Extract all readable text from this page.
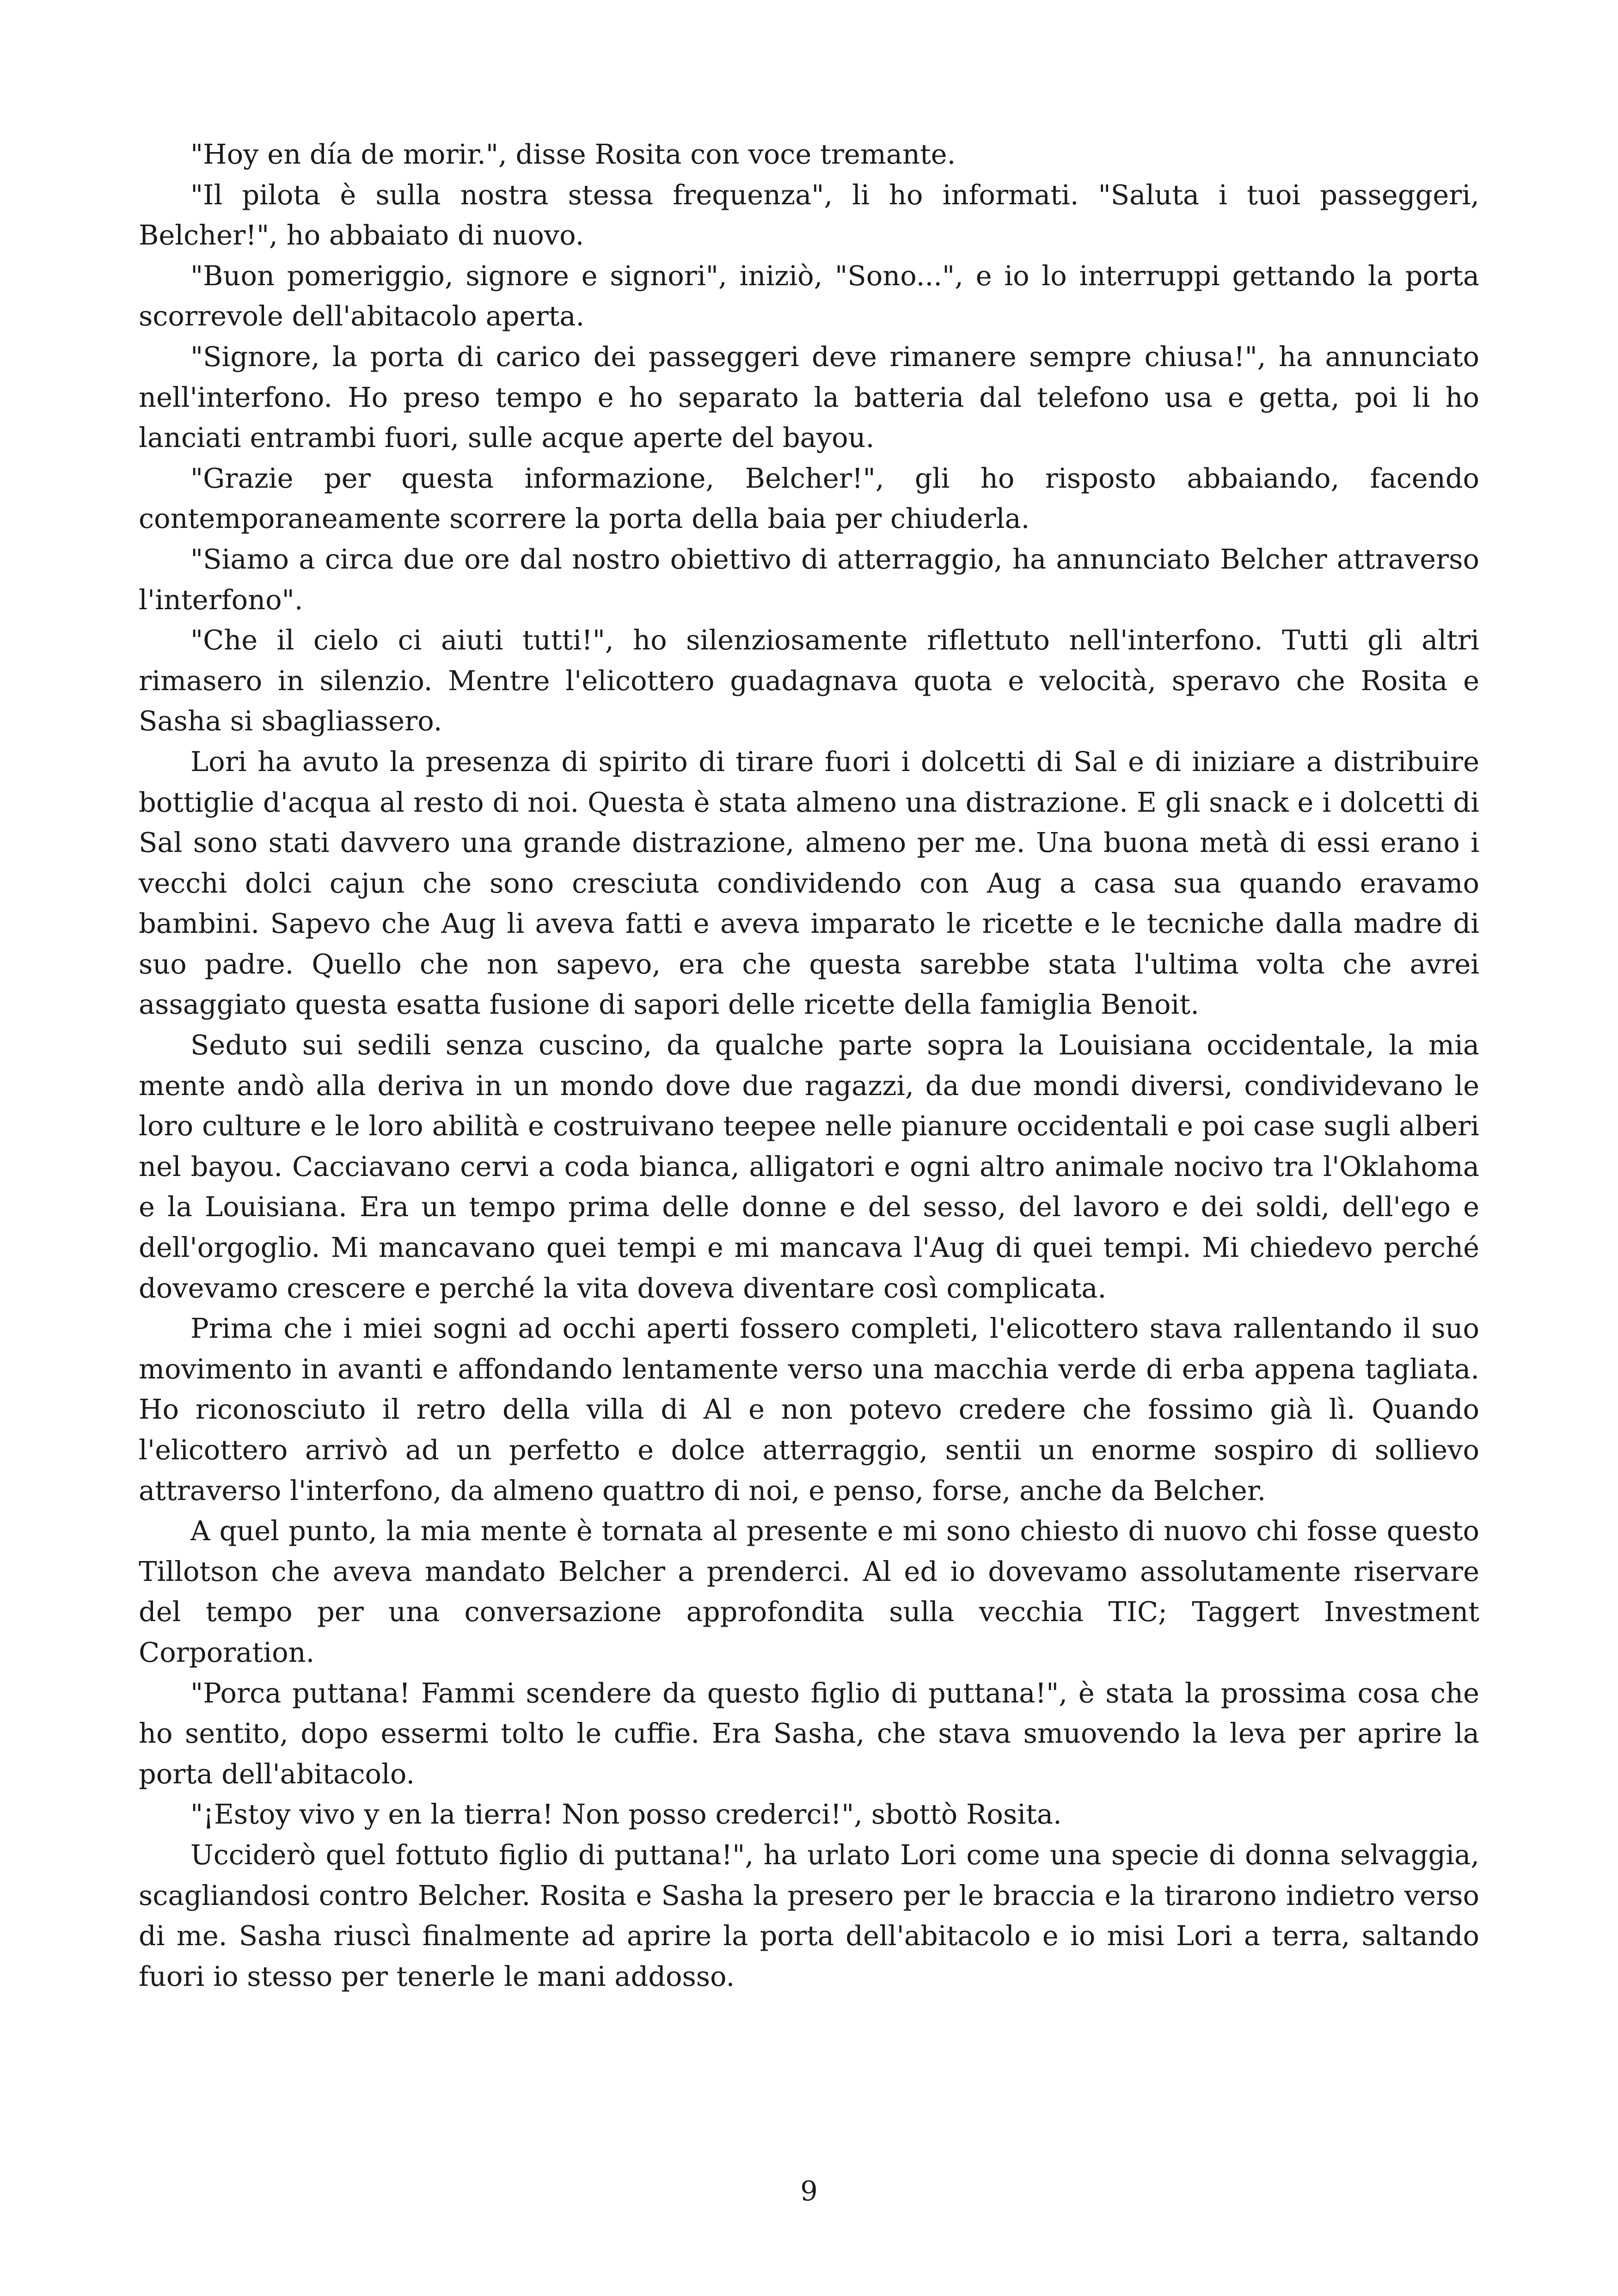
"Hoy en día de morir.", disse Rosita con voce tremante.

"Il pilota è sulla nostra stessa frequenza", li ho informati. "Saluta i tuoi passeggeri, Belcher!", ho abbaiato di nuovo.

"Buon pomeriggio, signore e signori", iniziò, "Sono...", e io lo interruppi gettando la porta scorrevole dell'abitacolo aperta.

"Signore, la porta di carico dei passeggeri deve rimanere sempre chiusa!", ha annunciato nell'interfono. Ho preso tempo e ho separato la batteria dal telefono usa e getta, poi li ho lanciati entrambi fuori, sulle acque aperte del bayou.

"Grazie per questa informazione, Belcher!", gli ho risposto abbaiando, facendo contemporaneamente scorrere la porta della baia per chiuderla.

"Siamo a circa due ore dal nostro obiettivo di atterraggio, ha annunciato Belcher attraverso l'interfono".

"Che il cielo ci aiuti tutti!", ho silenziosamente riflettuto nell'interfono. Tutti gli altri rimasero in silenzio. Mentre l'elicottero guadagnava quota e velocità, speravo che Rosita e Sasha si sbagliassero.

Lori ha avuto la presenza di spirito di tirare fuori i dolcetti di Sal e di iniziare a distribuire bottiglie d'acqua al resto di noi. Questa è stata almeno una distrazione. E gli snack e i dolcetti di Sal sono stati davvero una grande distrazione, almeno per me. Una buona metà di essi erano i vecchi dolci cajun che sono cresciuta condividendo con Aug a casa sua quando eravamo bambini. Sapevo che Aug li aveva fatti e aveva imparato le ricette e le tecniche dalla madre di suo padre. Quello che non sapevo, era che questa sarebbe stata l'ultima volta che avrei assaggiato questa esatta fusione di sapori delle ricette della famiglia Benoit.

Seduto sui sedili senza cuscino, da qualche parte sopra la Louisiana occidentale, la mia mente andò alla deriva in un mondo dove due ragazzi, da due mondi diversi, condividevano le loro culture e le loro abilità e costruivano teepee nelle pianure occidentali e poi case sugli alberi nel bayou. Cacciavano cervi a coda bianca, alligatori e ogni altro animale nocivo tra l'Oklahoma e la Louisiana. Era un tempo prima delle donne e del sesso, del lavoro e dei soldi, dell'ego e dell'orgoglio. Mi mancavano quei tempi e mi mancava l'Aug di quei tempi. Mi chiedevo perché dovevamo crescere e perché la vita doveva diventare così complicata.

Prima che i miei sogni ad occhi aperti fossero completi, l'elicottero stava rallentando il suo movimento in avanti e affondando lentamente verso una macchia verde di erba appena tagliata. Ho riconosciuto il retro della villa di Al e non potevo credere che fossimo già lì. Quando l'elicottero arrivò ad un perfetto e dolce atterraggio, sentii un enorme sospiro di sollievo attraverso l'interfono, da almeno quattro di noi, e penso, forse, anche da Belcher.

A quel punto, la mia mente è tornata al presente e mi sono chiesto di nuovo chi fosse questo Tillotson che aveva mandato Belcher a prenderci. Al ed io dovevamo assolutamente riservare del tempo per una conversazione approfondita sulla vecchia TIC; Taggert Investment Corporation.

"Porca puttana! Fammi scendere da questo figlio di puttana!", è stata la prossima cosa che ho sentito, dopo essermi tolto le cuffie. Era Sasha, che stava smuovendo la leva per aprire la porta dell'abitacolo.

"¡Estoy vivo y en la tierra! Non posso crederci!", sbottò Rosita.

Ucciderò quel fottuto figlio di puttana!", ha urlato Lori come una specie di donna selvaggia, scagliandosi contro Belcher. Rosita e Sasha la presero per le braccia e la tirarono indietro verso di me. Sasha riuscì finalmente ad aprire la porta dell'abitacolo e io misi Lori a terra, saltando fuori io stesso per tenerle le mani addosso.

9
